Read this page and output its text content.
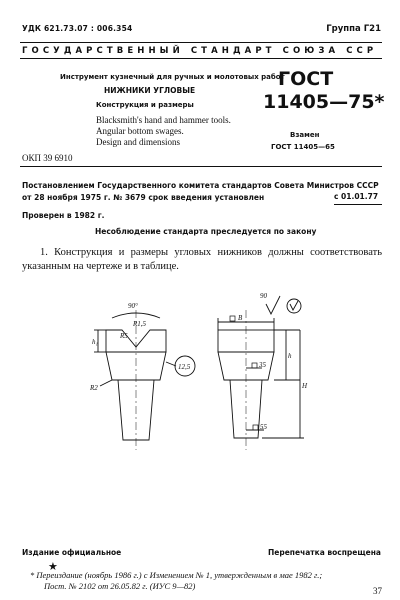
УДК 621.73.07 : 006.354	Группа Г21
ГОСУДАРСТВЕННЫЙ СТАНДАРТ СОЮЗА ССР
Инструмент кузнечный для ручных и молотовых работ
НИЖНИКИ УГЛОВЫЕ
Конструкция и размеры
Blacksmith's hand and hammer tools.
Angular bottom swages.
Design and dimensions
ГОСТ
11405—75*
Взамен
ГОСТ 11405—65
ОКП 39 6910
Постановлением Государственного комитета стандартов Совета Министров СССР
от 28 ноября 1975 г. № 3679 срок введения установлен	с 01.01.77
Проверен в 1982 г.
Несоблюдение стандарта преследуется по закону
1. Конструкция и размеры угловых нижников должны соответствовать указанным на чертеже и в таблице.
90°
h₁
R2
R5
R1,5
12,5
B
90
h
H
35
55
Издание официальное	Перепечатка воспрещена
★
* Переиздание (ноябрь 1986 г.) с Изменением № 1, утвержденным в мае 1982 г.;
Пост. № 2102 от 26.05.82 г. (ИУС 9—82)	37
